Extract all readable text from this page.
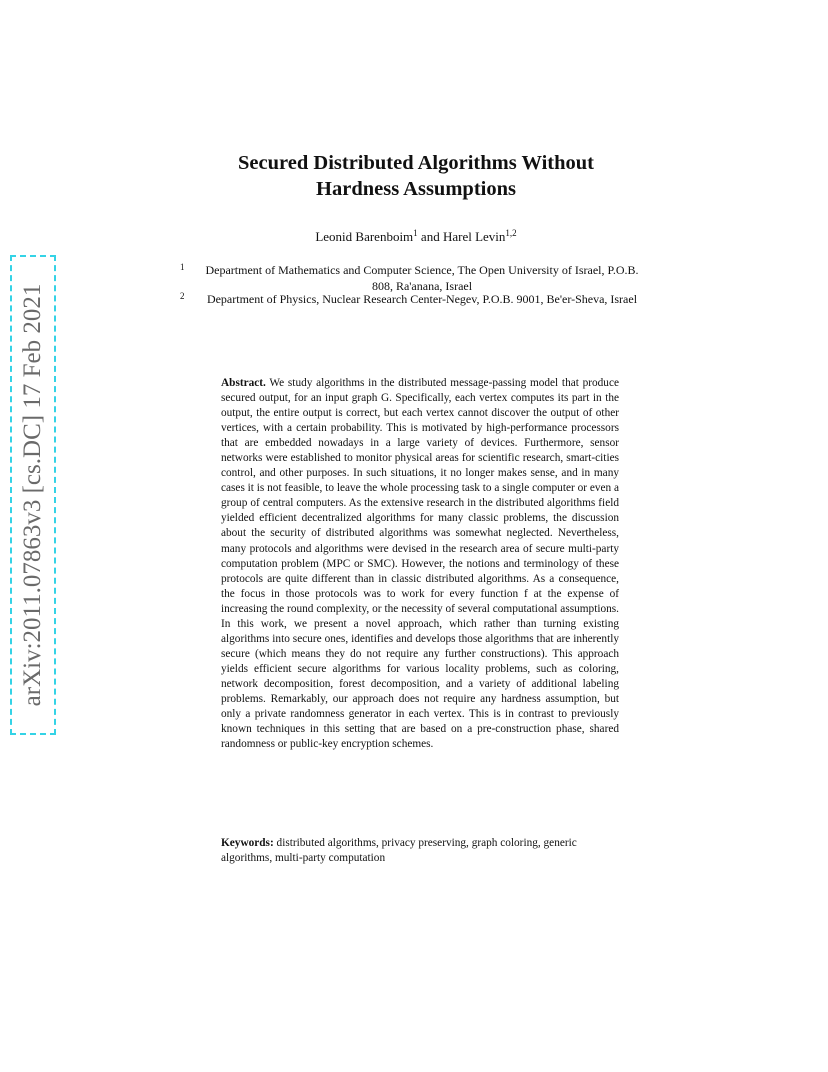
arXiv:2011.07863v3 [cs.DC] 17 Feb 2021
Secured Distributed Algorithms Without
Hardness Assumptions
Leonid Barenboim$^1$ and Harel Levin$^{1,2}$
1	Department of Mathematics and Computer Science, The Open University of Israel, P.O.B. 808, Ra'anana, Israel
2	Department of Physics, Nuclear Research Center-Negev, P.O.B. 9001, Be'er-Sheva, Israel

Abstract. We study algorithms in the distributed message-passing model that produce secured output, for an input graph G. Specifically, each vertex computes its part in the output, the entire output is correct, but each vertex cannot discover the output of other vertices, with a certain probability. This is motivated by high-performance processors that are embedded nowadays in a large variety of devices. Furthermore, sensor networks were established to monitor physical areas for scientific research, smart-cities control, and other purposes. In such situations, it no longer makes sense, and in many cases it is not feasible, to leave the whole processing task to a single computer or even a group of central computers. As the extensive research in the distributed algorithms field yielded efficient decentralized algorithms for many classic problems, the discussion about the security of distributed algorithms was somewhat neglected. Nevertheless, many protocols and algorithms were devised in the research area of secure multi-party computation problem (MPC or SMC). However, the notions and terminology of these protocols are quite different than in classic distributed algorithms. As a consequence, the focus in those protocols was to work for every function f at the expense of increasing the round complexity, or the necessity of several computational assumptions. In this work, we present a novel approach, which rather than turning existing algorithms into secure ones, identifies and develops those algorithms that are inherently secure (which means they do not require any further constructions). This approach yields efficient secure algorithms for various locality problems, such as coloring, network decomposition, forest decomposition, and a variety of additional labeling problems. Remarkably, our approach does not require any hardness assumption, but only a private randomness generator in each vertex. This is in contrast to previously known techniques in this setting that are based on a pre-construction phase, shared randomness or public-key encryption schemes.

Keywords: distributed algorithms, privacy preserving, graph coloring, generic algorithms, multi-party computation
